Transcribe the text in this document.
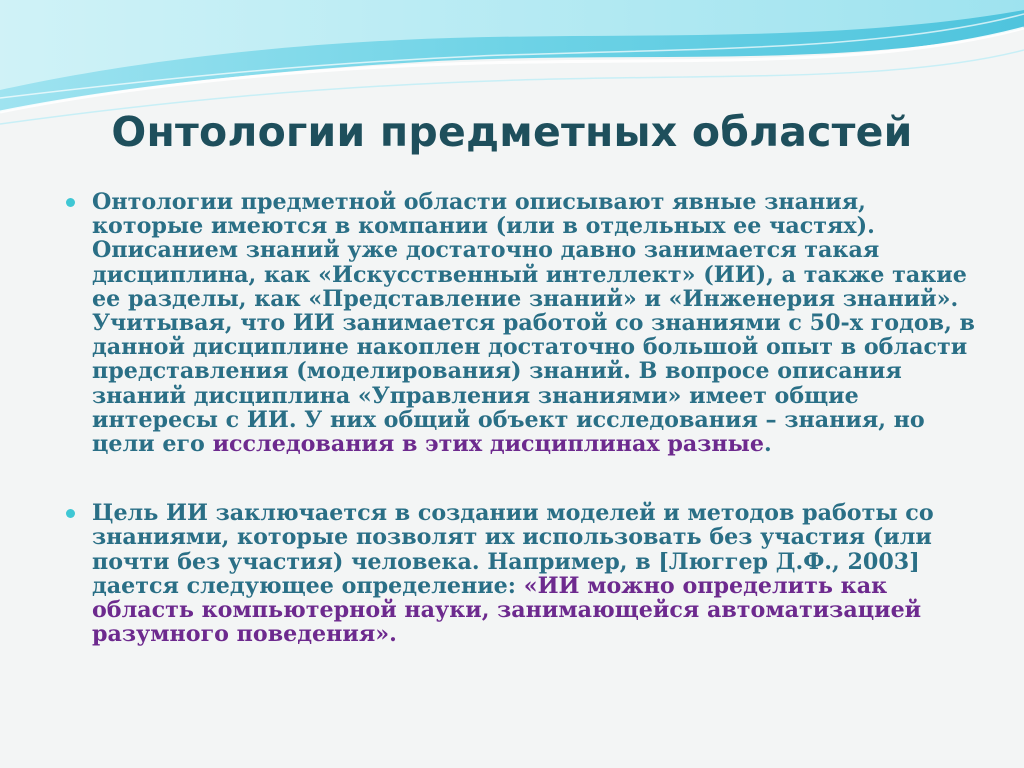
Онтологии предметных областей

Онтологии предметной области описывают явные знания, которые имеются в компании (или в отдельных ее частях). Описанием знаний уже достаточно давно занимается такая дисциплина, как «Искусственный интеллект» (ИИ), а также такие ее разделы, как «Представление знаний» и «Инженерия знаний». Учитывая, что ИИ занимается работой со знаниями с 50-х годов, в данной дисциплине накоплен достаточно большой опыт в области представления (моделирования) знаний. В вопросе описания знаний дисциплина «Управления знаниями» имеет общие интересы с ИИ. У них общий объект исследования – знания, но цели его исследования в этих дисциплинах разные.

Цель ИИ заключается в создании моделей и методов работы со знаниями, которые позволят их использовать без участия (или почти без участия) человека. Например, в [Люггер Д.Ф., 2003] дается следующее определение: «ИИ можно определить как область компьютерной науки, занимающейся автоматизацией разумного поведения».
